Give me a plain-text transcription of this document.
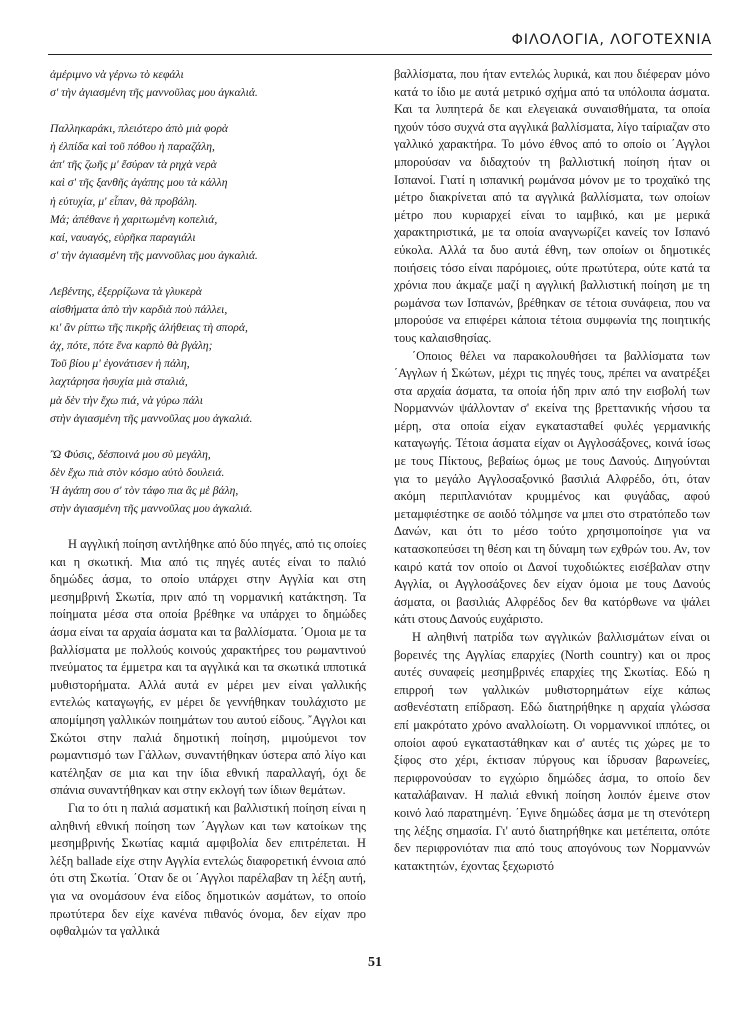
ΦΙΛΟΛΟΓΙΑ, ΛΟΓΟΤΕΧΝΙΑ
ἀμέριμνο νὰ γέρνω τὸ κεφάλι
σ' τὴν ἁγιασμένη τῆς μαννοῦλας μου ἀγκαλιά.
Παλληκαράκι, πλειότερο ἀπὸ μιὰ φορὰ
ἡ ἐλπίδα καὶ τοῦ πόθου ἡ παραζάλη,
ἀπ' τῆς ζωῆς μ' ἔσύραν τὰ ρηχὰ νερὰ
καὶ σ' τῆς ξανθῆς ἀγάπης μου τὰ κάλλη
ἡ εὐτυχία, μ' εἶπαν, θὰ προβάλη.
Μά; ἀπέθανε ἡ χαριτωμένη κοπελιά,
καί, ναυαγός, εὑρῆκα παραγιάλι
σ' τὴν ἁγιασμένη τῆς μαννοῦλας μου ἀγκαλιά.
Λεβέντης, ἐξερρίζωνα τὰ γλυκερὰ
αἰσθήματα ἀπὸ τὴν καρδιὰ ποὺ πάλλει,
κι' ἂν ρίπτω τῆς πικρῆς ἀλήθειας τὴ σπορά,
ἀχ, πότε, πότε ἕνα καρπὸ θὰ βγάλη;
Τοῦ βίου μ' ἐγονάτισεν ἡ πάλη,
λαχτάρησα ἡσυχία μιὰ σταλιά,
μὰ δὲν τὴν ἔχω πιά, νὰ γύρω πάλι
στὴν ἁγιασμένη τῆς μαννοῦλας μου ἀγκαλιά.
Ὢ Φύσις, δέσποινά μου σὺ μεγάλη,
δὲν ἔχω πιὰ στὸν κόσμο αὐτὸ δουλειά.
Ἡ ἀγάπη σου σ' τὸν τάφο πια ἂς μὲ βάλη,
στὴν ἁγιασμένη τῆς μαννοῦλας μου ἀγκαλιά.

Η αγγλική ποίηση αντλήθηκε από δύο πηγές, από τις οποίες και η σκωτική. Μια από τις πηγές αυτές είναι το παλιό δημώδες άσμα, το οποίο υπάρχει στην Αγγλία και στη μεσημβρινή Σκωτία, πριν από τη νορμανική κατάκτηση. Τα ποίηματα μέσα στα οποία βρέθηκε να υπάρχει το δημώδες άσμα είναι τα αρχαία άσματα και τα βαλλίσματα. ΄Ομοια με τα βαλλίσματα με πολλούς κοινούς χαρακτήρες του ρωμαντινού πνεύματος τα έμμετρα και τα αγγλικά και τα σκωτικά ιπποτικά μυθιστορήματα. Αλλά αυτά εν μέρει μεν είναι γαλλικής εντελώς καταγωγής, εν μέρει δε γεννήθηκαν τουλάχιστο με απομίμηση γαλλικών ποιημάτων του αυτού είδους. ῎Αγγλοι και Σκώτοι στην παλιά δημοτική ποίηση, μιμούμενοι τον ρωμαντισμό των Γάλλων, συναντήθηκαν ύστερα από λίγο και κατέληξαν σε μια και την ίδια εθνική παραλλαγή, όχι δε σπάνια συναντήθηκαν και στην εκλογή των ίδιων θεμάτων.

Για το ότι η παλιά ασματική και βαλλιστική ποίηση είναι η αληθινή εθνική ποίηση των ΄Αγγλων και των κατοίκων της μεσημβρινής Σκωτίας καμιά αμφιβολία δεν επιτρέπεται. Η λέξη ballade είχε στην Αγγλία εντελώς διαφορετική έννοια από ότι στη Σκωτία. ΄Οταν δε οι ΄Αγγλοι παρέλαβαν τη λέξη αυτή, για να ονομάσουν ένα είδος δημοτικών ασμάτων, το οποίο πρωτύτερα δεν είχε κανένα πιθανός όνομα, δεν είχαν προ οφθαλμών τα γαλλικά

βαλλίσματα, που ήταν εντελώς λυρικά, και που διέφεραν μόνο κατά το ίδιο με αυτά μετρικό σχήμα από τα υπόλοιπα άσματα. Και τα λυπητερά δε και ελεγειακά συναισθήματα, τα οποία ηχούν τόσο συχνά στα αγγλικά βαλλίσματα, λίγο ταίριαζαν στο γαλλικό χαρακτήρα. Το μόνο έθνος από το οποίο οι ΄Αγγλοι μπορούσαν να διδαχτούν τη βαλλιστική ποίηση ήταν οι Ισπανοί. Γιατί η ισπανική ρωμάνσα μόνον με το τροχαϊκό της μέτρο διακρίνεται από τα αγγλικά βαλλίσματα, των οποίων μέτρο που κυριαρχεί είναι το ιαμβικό, και με μερικά χαρακτηριστικά, με τα οποία αναγνωρίζει κανείς τον Ισπανό εύκολα. Αλλά τα δυο αυτά έθνη, των οποίων οι δημοτικές ποιήσεις τόσο είναι παρόμοιες, ούτε πρωτύτερα, ούτε κατά τα χρόνια που άκμαζε μαζί η αγγλική βαλλιστική ποίηση με τη ρωμάνσα των Ισπανών, βρέθηκαν σε τέτοια συνάφεια, που να μπορούσε να επιφέρει κάποια τέτοια συμφωνία της ποιητικής τους καλαισθησίας.

΄Οποιος θέλει να παρακολουθήσει τα βαλλίσματα των ΄Αγγλων ή Σκώτων, μέχρι τις πηγές τους, πρέπει να ανατρέξει στα αρχαία άσματα, τα οποία ήδη πριν από την εισβολή των Νορμαννών ψάλλονταν σ' εκείνα της βρεττανικής νήσου τα μέρη, στα οποία είχαν εγκατασταθεί φυλές γερμανικής καταγωγής. Τέτοια άσματα είχαν οι Αγγλοσάξονες, κοινά ίσως με τους Πίκτους, βεβαίως όμως με τους Δανούς. Διηγούνται για το μεγάλο Αγγλοσαξονικό βασιλιά Αλφρέδο, ότι, όταν ακόμη περιπλανιόταν κρυμμένος και φυγάδας, αφού μεταμφιέστηκε σε αοιδό τόλμησε να μπει στο στρατόπεδο των Δανών, και ότι το μέσο τούτο χρησιμοποίησε για να κατασκοπεύσει τη θέση και τη δύναμη των εχθρών του. Αν, τον καιρό κατά τον οποίο οι Δανοί τυχοδιώκτες εισέβαλαν στην Αγγλία, οι Αγγλοσάξονες δεν είχαν όμοια με τους Δανούς άσματα, οι βασιλιάς Αλφρέδος δεν θα κατόρθωνε να ψάλει κάτι στους Δανούς ευχάριστο.

Η αληθινή πατρίδα των αγγλικών βαλλισμάτων είναι οι βορεινές της Αγγλίας επαρχίες (North country) και οι προς αυτές συναφείς μεσημβρινές επαρχίες της Σκωτίας. Εδώ η επιρροή των γαλλικών μυθιστορημάτων είχε κάπως ασθενέστατη επίδραση. Εδώ διατηρήθηκε η αρχαία γλώσσα επί μακρότατο χρόνο αναλλοίωτη. Οι νορμαννικοί ιππότες, οι οποίοι αφού εγκαταστάθηκαν και σ' αυτές τις χώρες με το ξίφος στο χέρι, έκτισαν πύργους και ίδρυσαν βαρωνείες, περιφρονούσαν το εγχώριο δημώδες άσμα, το οποίο δεν καταλάβαιναν. Η παλιά εθνική ποίηση λοιπόν έμεινε στον κοινό λαό παρατημένη. ΄Εγινε δημώδες άσμα με τη στενότερη της λέξης σημασία. Γι' αυτό διατηρήθηκε και μετέπειτα, οπότε δεν περιφρονιόταν πια από τους απογόνους των Νορμαννών κατακτητών, έχοντας ξεχωριστό

51
